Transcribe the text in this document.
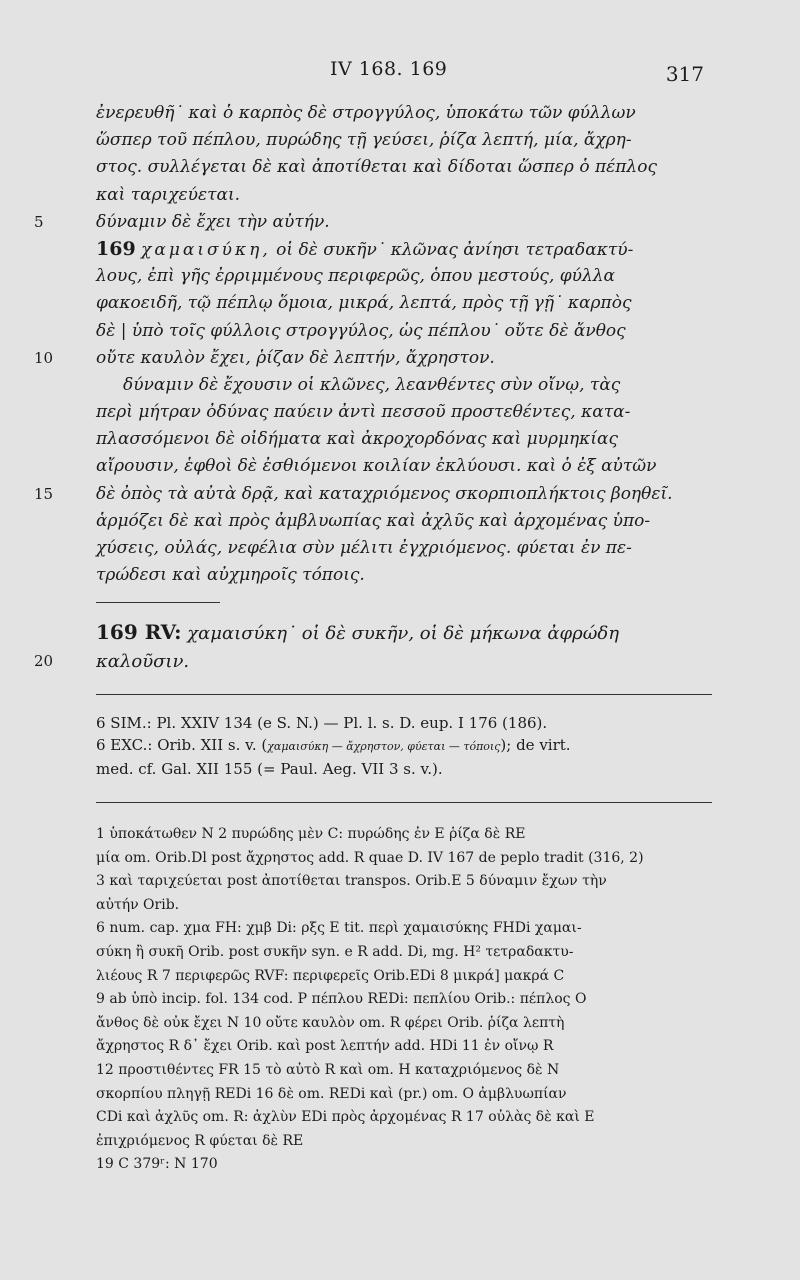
IV 168. 169	317
ἐνερευθῆ˙ καὶ ὁ καρπὸς δὲ στρογγύλος, ὑποκάτω τῶν φύλλων
ὥσπερ τοῦ πέπλου, πυρώδης τῇ γεύσει, ῥίζα λεπτή, μία, ἄχρη-
στος. συλλέγεται δὲ καὶ ἀποτίθεται καὶ δίδοται ὥσπερ ὁ πέπλος
καὶ ταριχεύεται.
5	δύναμιν δὲ ἔχει τὴν αὐτήν.
169 χαμαισύκη, οἱ δὲ συκῆν˙ κλῶνας ἀνίησι τετραδακτύ-
λους, ἐπὶ γῆς ἐρριμμένους περιφερῶς, ὁπου μεστούς, φύλλα
φακοειδῆ, τῷ πέπλῳ ὅμοια, μικρά, λεπτά, πρὸς τῇ γῇ˙ καρπὸς
δὲ | ὑπὸ τοῖς φύλλοις στρογγύλος, ὡς πέπλου˙ οὔτε δὲ ἄνθος
10	οὔτε καυλὸν ἔχει, ῥίζαν δὲ λεπτήν, ἄχρηστον.
δύναμιν δὲ ἔχουσιν οἱ κλῶνες, λεανθέντες σὺν οἴνῳ, τὰς
περὶ μήτραν ὀδύνας παύειν ἀντὶ πεσσοῦ προστεθέντες, κατα-
πλασσόμενοι δὲ οἰδήματα καὶ ἀκροχορδόνας καὶ μυρμηκίας
αἴρουσιν, ἑφθοὶ δὲ ἐσθιόμενοι κοιλίαν ἐκλύουσι. καὶ ὁ ἐξ αὐτῶν
15	δὲ ὀπὸς τὰ αὐτὰ δρᾷ, καὶ καταχριόμενος σκορπιοπλήκτοις βοηθεῖ.
ἁρμόζει δὲ καὶ πρὸς ἀμβλυωπίας καὶ ἀχλῦς καὶ ἀρχομένας ὑπο-
χύσεις, οὐλάς, νεφέλια σὺν μέλιτι ἐγχριόμενος. φύεται ἐν πε-
τρώδεσι καὶ αὐχμηροῖς τόποις.
169 RV: χαμαισύκη˙ οἱ δὲ συκῆν, οἱ δὲ μήκωνα ἀφρώδη
20 καλοῦσιν.
6 SIM.: Pl. XXIV 134 (e S. N.) — Pl. l. s. D. eup. I 176 (186).
6 EXC.: Orib. XII s. v. (χαμαισύκη — ἄχρηστον, φύεται — τόποις); de virt.
med. cf. Gal. XII 155 (= Paul. Aeg. VII 3 s. v.).
1 ὑποκάτωθεν N 2 πυρώδης μὲν C: πυρώδης ἐν E ῥίζα δὲ RE
μία om. Orib.Dl post ἄχρηστος add. R quae D. IV 167 de peplo tradit (316, 2)
3 καὶ ταριχεύεται post ἀποτίθεται transpos. Orib.E 5 δύναμιν ἔχων τὴν
αὐτήν Orib.
6 num. cap. χμα FH: χμβ Di: ρξς E tit. περὶ χαμαισύκης FHDi χαμαι-
σύκη ἢ συκῆ Orib. post συκῆν syn. e R add. Di, mg. H² τετραδακτυ-
λιέους R 7 περιφερῶς RVF: περιφερεῖς Orib.EDi 8 μικρά] μακρά C
9 ab ὑπὸ incip. fol. 134 cod. P πέπλου REDi: πεπλίου Orib.: πέπλος O
ἄνθος δὲ οὐκ ἔχει N 10 οὔτε καυλὸν om. R φέρει Orib. ῥίζα λεπτὴ
ἄχρηστος R δ᾽ ἔχει Orib. καὶ post λεπτήν add. HDi 11 ἐν οἴνῳ R
12 προστιθέντες FR 15 τὸ αὐτὸ R καὶ om. H καταχριόμενος δὲ N
σκορπίου πληγῇ REDi 16 δὲ om. REDi καὶ (pr.) om. O ἀμβλυωπίαν
CDi καὶ ἀχλῦς om. R: ἀχλὺν EDi πρὸς ἀρχομένας R 17 οὐλὰς δὲ καὶ E
ἐπιχριόμενος R φύεται δὲ RE
19 C 379ʳ: N 170
